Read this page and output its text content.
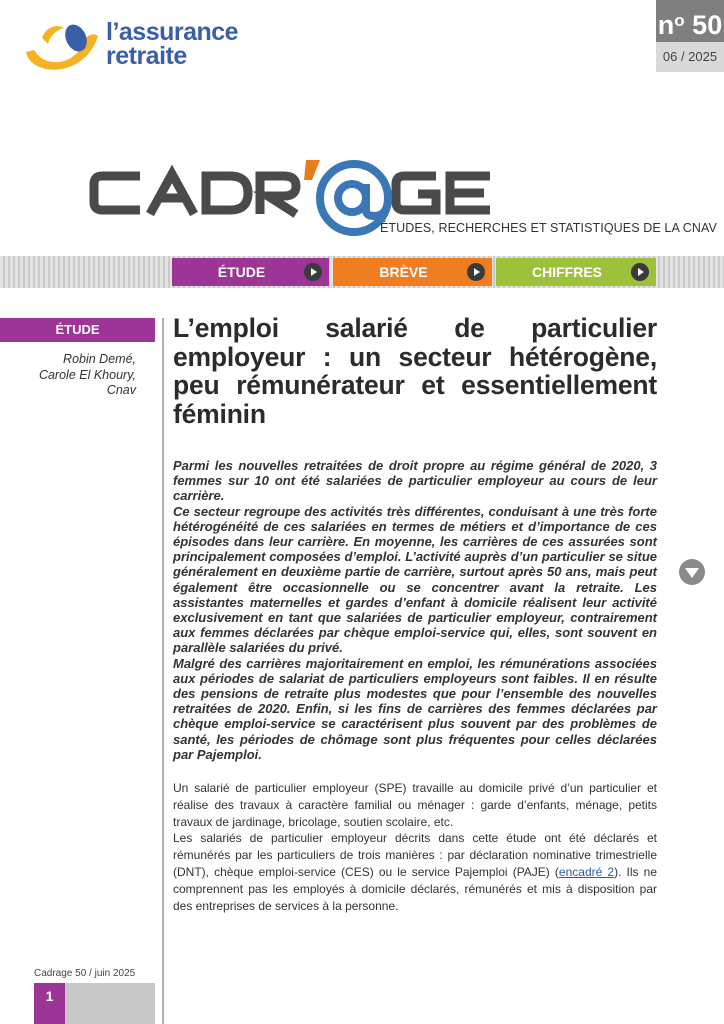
l’assurance
retraite
$n^o$ 50
06 / 2025
ÉTUDES, RECHERCHES ET STATISTIQUES DE LA CNAV
ÉTUDE	BRÈVE	CHIFFRES
ÉTUDE
Robin Demé,
Carole El Khoury,
Cnav
L’emploi salarié de particulier employeur : un secteur hétérogène, peu rémunérateur et essentiellement féminin

Parmi les nouvelles retraitées de droit propre au régime général de 2020, 3 femmes sur 10 ont été salariées de particulier employeur au cours de leur carrière.

Ce secteur regroupe des activités très différentes, conduisant à une très forte hétérogénéité de ces salariées en termes de métiers et d’importance de ces épisodes dans leur carrière. En moyenne, les carrières de ces assurées sont principalement composées d’emploi. L’activité auprès d’un particulier se situe généralement en deuxième partie de carrière, surtout après 50 ans, mais peut également être occasionnelle ou se concentrer avant la retraite. Les assistantes maternelles et gardes d’enfant à domicile réalisent leur activité exclusivement en tant que salariées de particulier employeur, contrairement aux femmes déclarées par chèque emploi-service qui, elles, sont souvent en parallèle salariées du privé.

Malgré des carrières majoritairement en emploi, les rémunérations associées aux périodes de salariat de particuliers employeurs sont faibles. Il en résulte des pensions de retraite plus modestes que pour l’ensemble des nouvelles retraitées de 2020. Enfin, si les fins de carrières des femmes déclarées par chèque emploi-service se caractérisent plus souvent par des problèmes de santé, les périodes de chômage sont plus fréquentes pour celles déclarées par Pajemploi.

Un salarié de particulier employeur (SPE) travaille au domicile privé d’un particulier et réalise des travaux à caractère familial ou ménager : garde d’enfants, ménage, petits travaux de jardinage, bricolage, soutien scolaire, etc.

Les salariés de particulier employeur décrits dans cette étude ont été déclarés et rémunérés par les particuliers de trois manières : par déclaration nominative trimestrielle (DNT), chèque emploi-service (CES) ou le service Pajemploi (PAJE) (encadré 2). Ils ne comprennent pas les employés à domicile déclarés, rémunérés et mis à disposition par des entreprises de services à la personne.

Cadrage 50 / juin 2025
1
